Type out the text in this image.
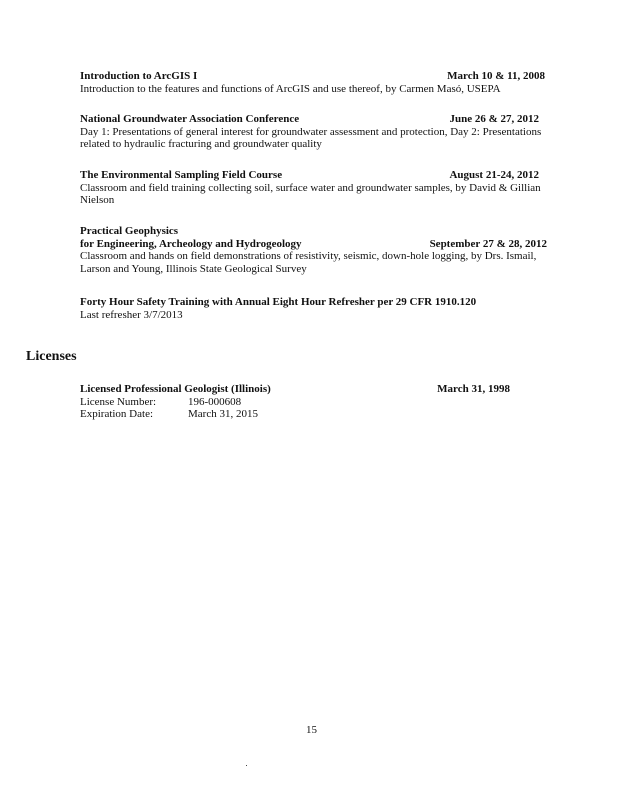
Introduction to ArcGIS I	March 10 & 11, 2008
Introduction to the features and functions of ArcGIS and use thereof, by Carmen Masó, USEPA
National Groundwater Association Conference	June 26 & 27, 2012
Day 1: Presentations of general interest for groundwater assessment and protection, Day 2: Presentations related to hydraulic fracturing and groundwater quality
The Environmental Sampling Field Course	August 21-24, 2012
Classroom and field training collecting soil, surface water and groundwater samples, by David & Gillian Nielson
Practical Geophysics
for Engineering, Archeology and Hydrogeology	September 27 & 28, 2012
Classroom and hands on field demonstrations of resistivity, seismic, down-hole logging, by Drs. Ismail, Larson and Young, Illinois State Geological Survey
Forty Hour Safety Training with Annual Eight Hour Refresher per 29 CFR 1910.120
Last refresher 3/7/2013
Licenses
Licensed Professional Geologist (Illinois)	March 31, 1998
License Number:	196-000608
Expiration Date:	March 31, 2015
15
